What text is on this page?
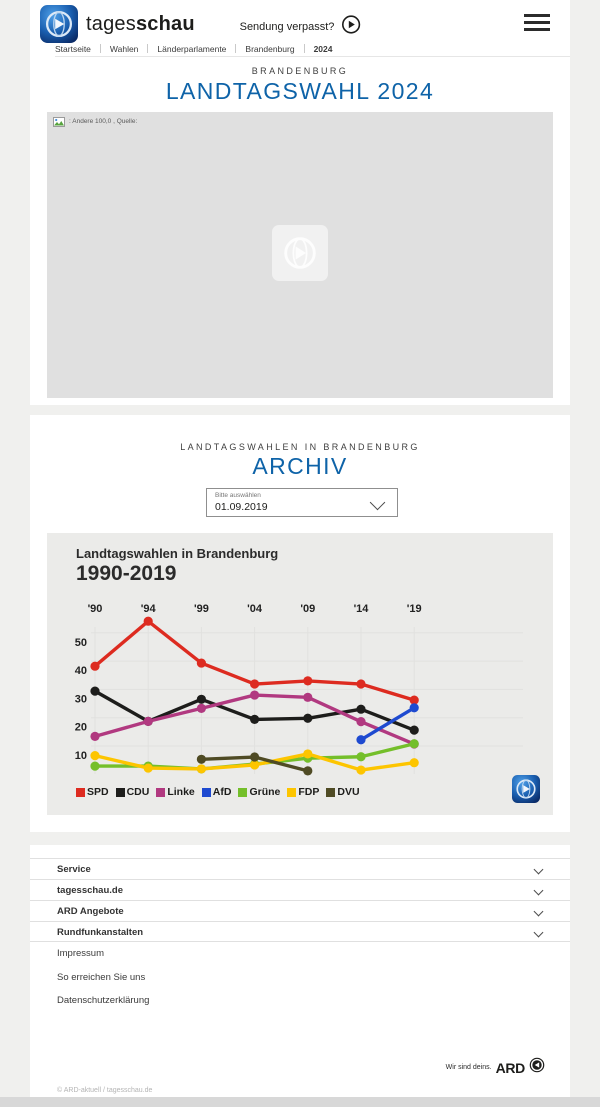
tagesschau	Sendung verpasst?
Startseite Wahlen Länderparlamente Brandenburg 2024
BRANDENBURG
LANDTAGSWAHL 2024
: Andere 100,0 , Quelle:
LANDTAGSWAHLEN IN BRANDENBURG
ARCHIV
Bitte auswählen
01.09.2019
10
20
30
40
50
'90	'94	'99	'04	'09	'14	'19
Landtagswahlen in Brandenburg
1990-2019
SPD CDU Linke AfD Grüne FDP DVU
Service
tagesschau.de
ARD Angebote
Rundfunkanstalten
Impressum
So erreichen Sie uns
Datenschutzerklärung
Wir sind deins. ARD
© ARD-aktuell / tagesschau.de
